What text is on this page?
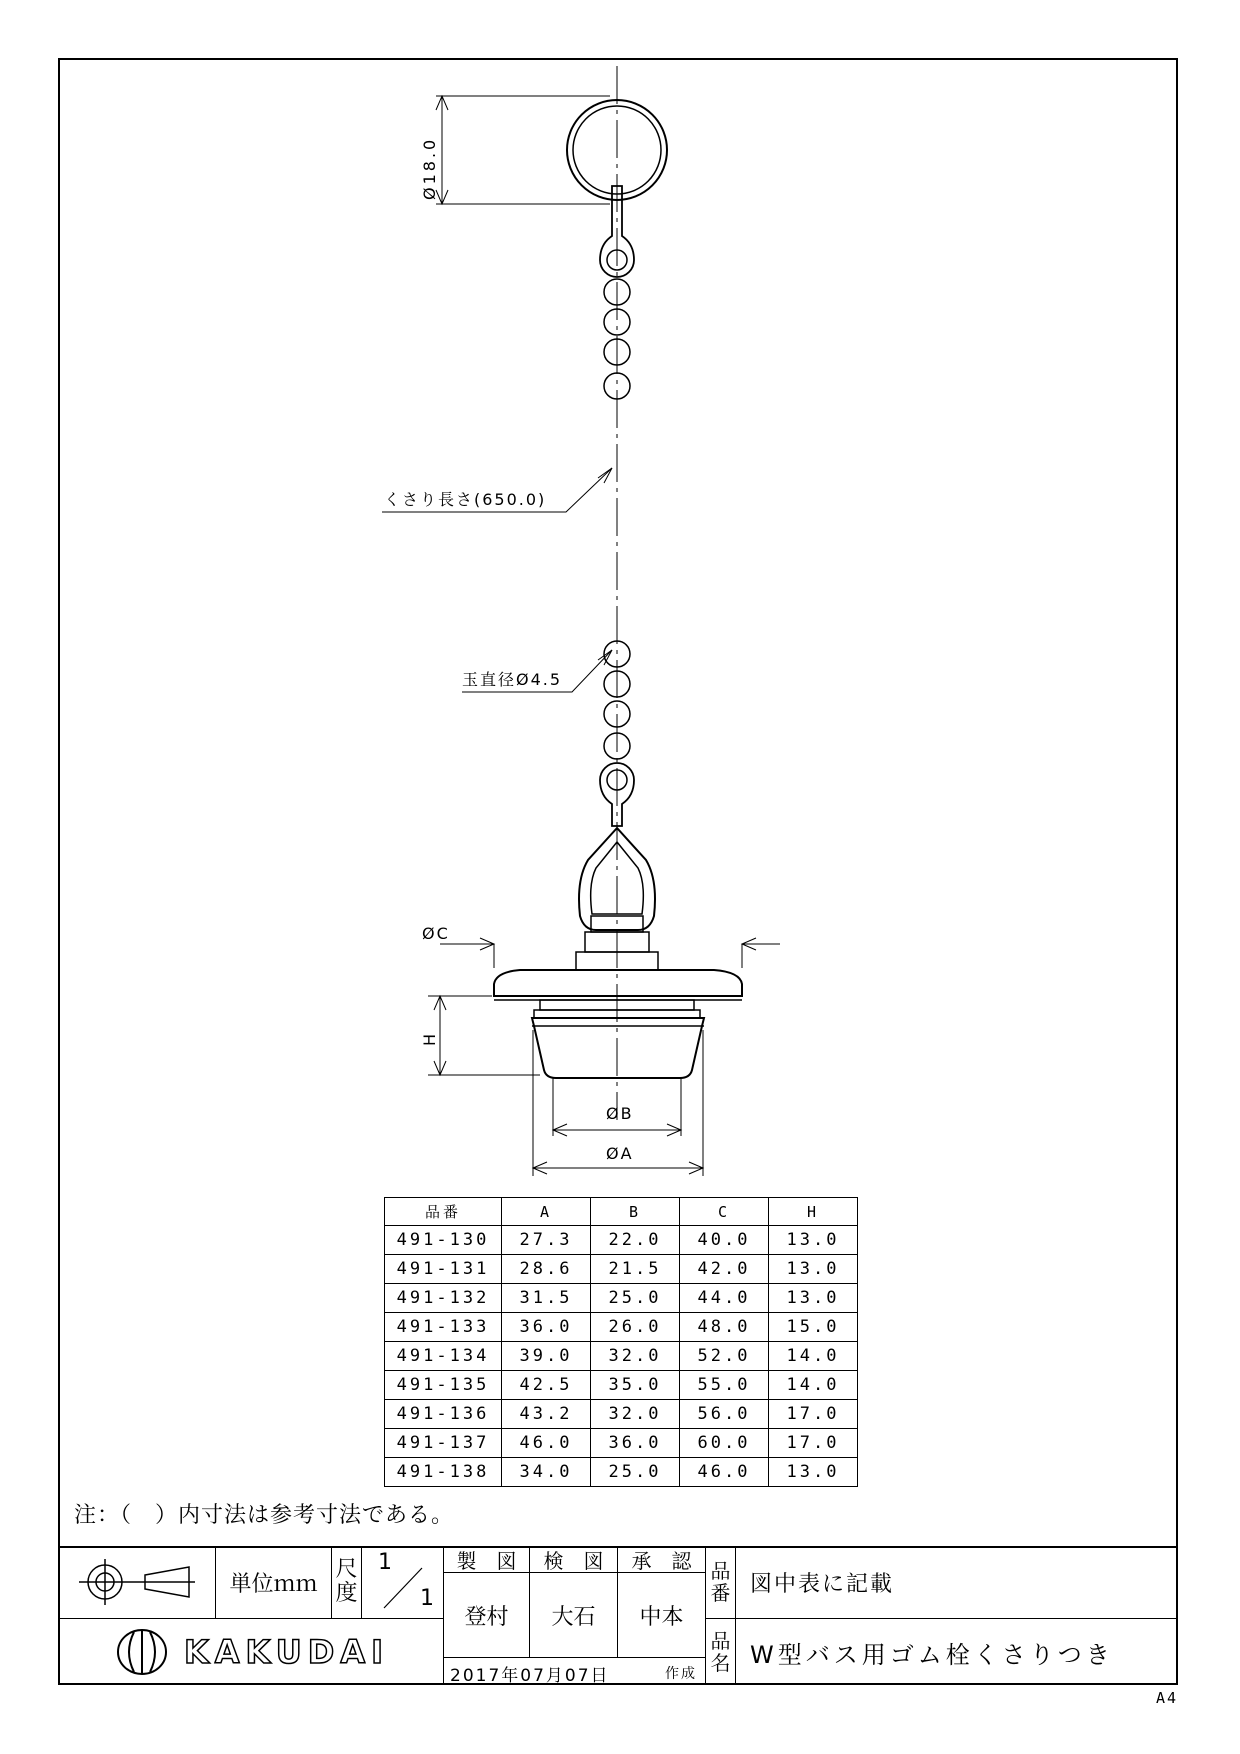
Ø18.0
くさり長さ(650.0)
玉直径Ø4.5
ØC
H
ØB
ØA
品番	A	B	C	H
491-130	27.3	22.0	40.0	13.0
491-131	28.6	21.5	42.0	13.0
491-132	31.5	25.0	44.0	13.0
491-133	36.0	26.0	48.0	15.0
491-134	39.0	32.0	52.0	14.0
491-135	42.5	35.0	55.0	14.0
491-136	43.2	32.0	56.0	17.0
491-137	46.0	36.0	60.0	17.0
491-138	34.0	25.0	46.0	13.0
注：（　）内寸法は参考寸法である。
単位ｍｍ
尺
度
1
1
製　図	検　図	承　認
登村	大石	中本
2017年07月07日	作成
KAKUDAI
品
番 図中表に記載
品
名 W型バス用ゴム栓くさりつき
A4
